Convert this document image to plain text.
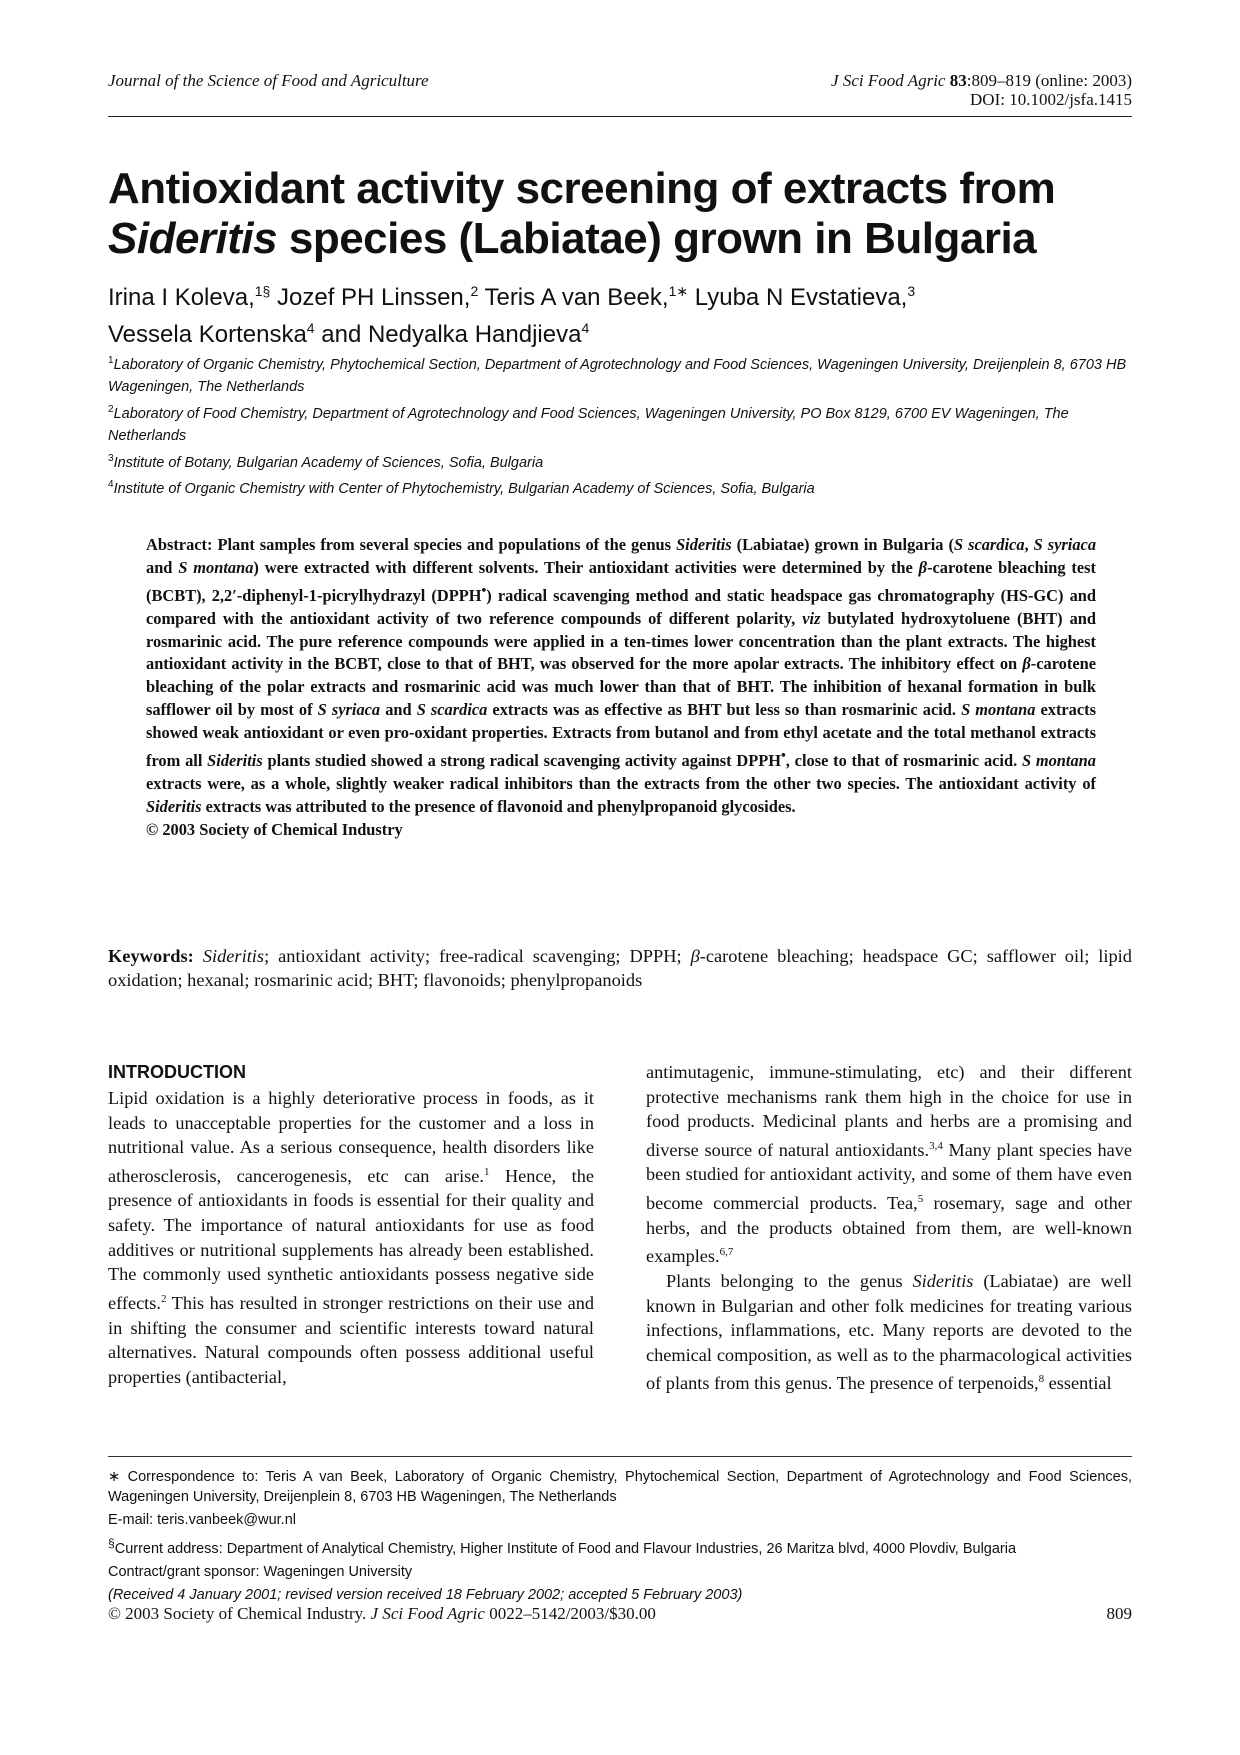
Journal of the Science of Food and Agriculture	J Sci Food Agric 83:809–819 (online: 2003)
DOI: 10.1002/jsfa.1415
Antioxidant activity screening of extracts from
Sideritis species (Labiatae) grown in Bulgaria
Irina I Koleva,$^{1\S}$ Jozef PH Linssen,$^2$ Teris A van Beek,$^{1∗}$ Lyuba N Evstatieva,$^3$
Vessela Kortenska$^4$ and Nedyalka Handjieva$^4$
$^1$Laboratory of Organic Chemistry, Phytochemical Section, Department of Agrotechnology and Food Sciences, Wageningen University, Dreijenplein 8, 6703 HB Wageningen, The Netherlands
$^2$Laboratory of Food Chemistry, Department of Agrotechnology and Food Sciences, Wageningen University, PO Box 8129, 6700 EV Wageningen, The Netherlands
$^3$Institute of Botany, Bulgarian Academy of Sciences, Sofia, Bulgaria
$^4$Institute of Organic Chemistry with Center of Phytochemistry, Bulgarian Academy of Sciences, Sofia, Bulgaria
Abstract: Plant samples from several species and populations of the genus Sideritis (Labiatae) grown in Bulgaria (S scardica, S syriaca and S montana) were extracted with different solvents. Their antioxidant activities were determined by the β-carotene bleaching test (BCBT), 2,2′-diphenyl-1-picrylhydrazyl (DPPH•) radical scavenging method and static headspace gas chromatography (HS-GC) and compared with the antioxidant activity of two reference compounds of different polarity, viz butylated hydroxytoluene (BHT) and rosmarinic acid. The pure reference compounds were applied in a ten-times lower concentration than the plant extracts. The highest antioxidant activity in the BCBT, close to that of BHT, was observed for the more apolar extracts. The inhibitory effect on β-carotene bleaching of the polar extracts and rosmarinic acid was much lower than that of BHT. The inhibition of hexanal formation in bulk safflower oil by most of S syriaca and S scardica extracts was as effective as BHT but less so than rosmarinic acid. S montana extracts showed weak antioxidant or even pro-oxidant properties. Extracts from butanol and from ethyl acetate and the total methanol extracts from all Sideritis plants studied showed a strong radical scavenging activity against DPPH•, close to that of rosmarinic acid. S montana extracts were, as a whole, slightly weaker radical inhibitors than the extracts from the other two species. The antioxidant activity of Sideritis extracts was attributed to the presence of flavonoid and phenylpropanoid glycosides.
© 2003 Society of Chemical Industry
Keywords: Sideritis; antioxidant activity; free-radical scavenging; DPPH; β-carotene bleaching; headspace GC; safflower oil; lipid oxidation; hexanal; rosmarinic acid; BHT; flavonoids; phenylpropanoids
INTRODUCTION

Lipid oxidation is a highly deteriorative process in foods, as it leads to unacceptable properties for the customer and a loss in nutritional value. As a serious consequence, health disorders like atherosclerosis, cancerogenesis, etc can arise.$^1$ Hence, the presence of antioxidants in foods is essential for their quality and safety. The importance of natural antioxidants for use as food additives or nutritional supplements has already been established. The commonly used synthetic antioxidants possess negative side effects.$^2$ This has resulted in stronger restrictions on their use and in shifting the consumer and scientific interests toward natural alternatives. Natural compounds often possess additional useful properties (antibacterial,

antimutagenic, immune-stimulating, etc) and their different protective mechanisms rank them high in the choice for use in food products. Medicinal plants and herbs are a promising and diverse source of natural antioxidants.$^{3,4}$ Many plant species have been studied for antioxidant activity, and some of them have even become commercial products. Tea,$^5$ rosemary, sage and other herbs, and the products obtained from them, are well-known examples.$^{6,7}$

Plants belonging to the genus Sideritis (Labiatae) are well known in Bulgarian and other folk medicines for treating various infections, inflammations, etc. Many reports are devoted to the chemical composition, as well as to the pharmacological activities of plants from this genus. The presence of terpenoids,$^8$ essential

∗ Correspondence to: Teris A van Beek, Laboratory of Organic Chemistry, Phytochemical Section, Department of Agrotechnology and Food Sciences, Wageningen University, Dreijenplein 8, 6703 HB Wageningen, The Netherlands

E-mail: teris.vanbeek@wur.nl

§Current address: Department of Analytical Chemistry, Higher Institute of Food and Flavour Industries, 26 Maritza blvd, 4000 Plovdiv, Bulgaria

Contract/grant sponsor: Wageningen University

(Received 4 January 2001; revised version received 18 February 2002; accepted 5 February 2003)

© 2003 Society of Chemical Industry. J Sci Food Agric 0022–5142/2003/$30.00	809
